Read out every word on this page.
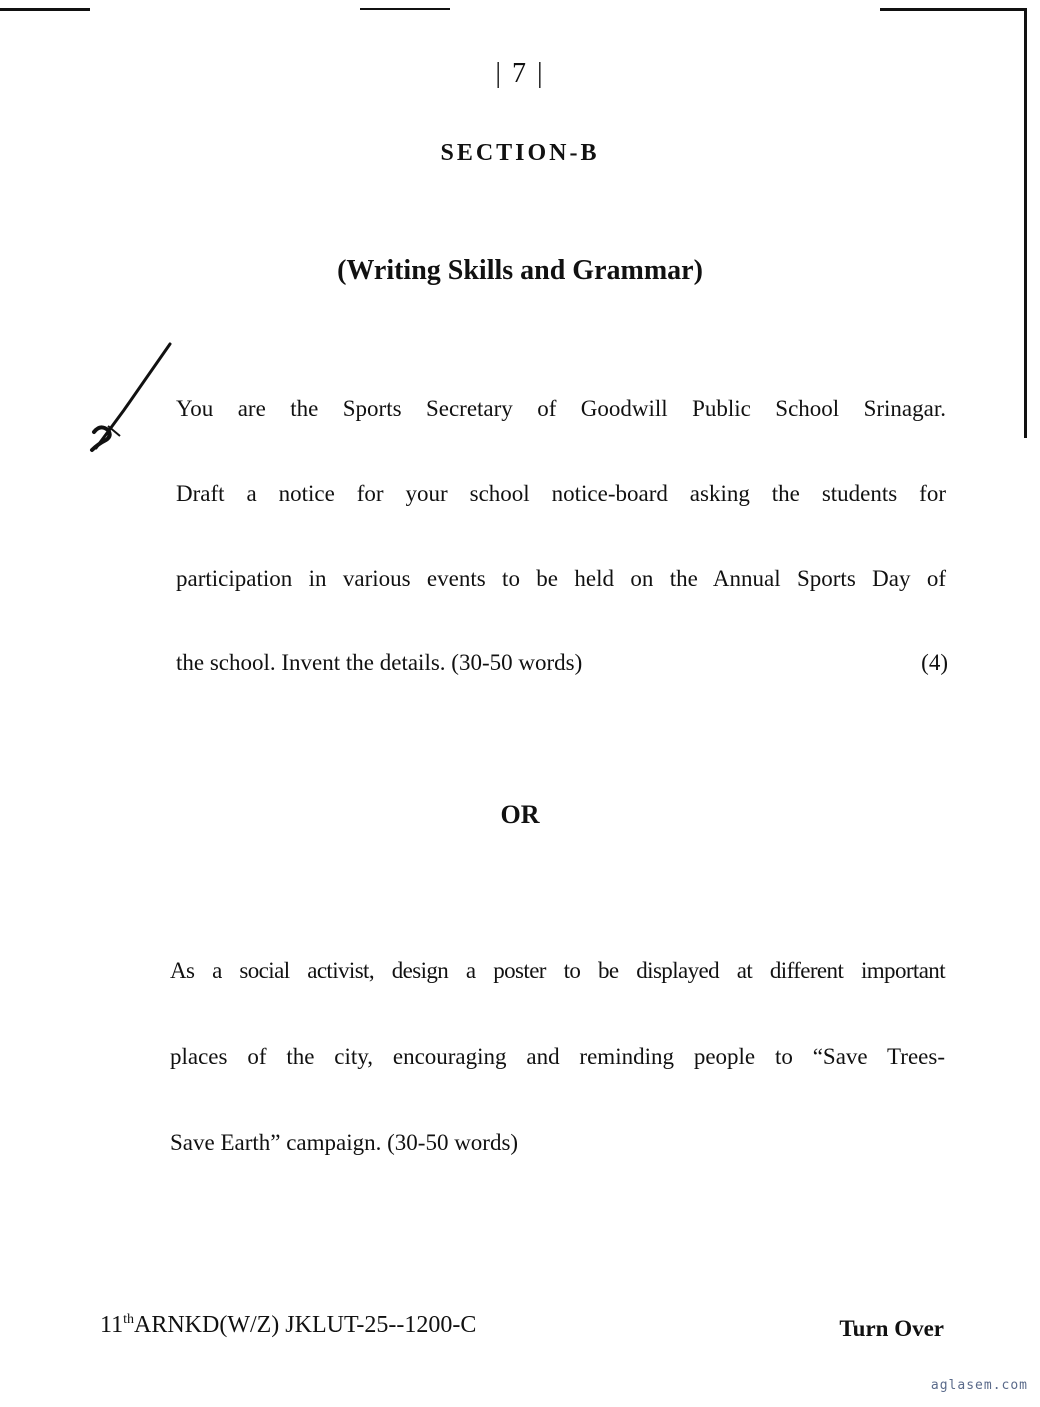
| 7 |
SECTION-B
(Writing Skills and Grammar)
You are the Sports Secretary of Goodwill Public School Srinagar.
Draft a notice for your school notice-board asking the students for
participation in various events to be held on the Annual Sports Day of
the school. Invent the details. (30-50 words)	(4)
OR
As a social activist, design a poster to be displayed at different important
places of the city, encouraging and reminding people to “Save Trees-
Save Earth” campaign. (30-50 words)
11thARNKD(W/Z) JKLUT-25--1200-C	Turn Over
aglasem.com
